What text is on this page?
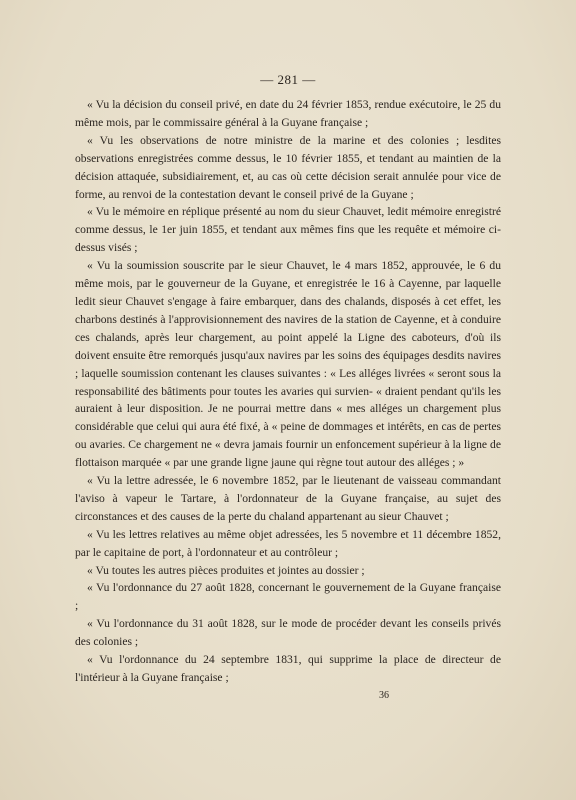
— 281 —

« Vu la décision du conseil privé, en date du 24 février 1853, rendue exécutoire, le 25 du même mois, par le commissaire général à la Guyane française ;

« Vu les observations de notre ministre de la marine et des colonies ; lesdites observations enregistrées comme dessus, le 10 février 1855, et tendant au maintien de la décision attaquée, subsidiairement, et, au cas où cette décision serait annulée pour vice de forme, au renvoi de la contestation devant le conseil privé de la Guyane ;

« Vu le mémoire en réplique présenté au nom du sieur Chauvet, ledit mémoire enregistré comme dessus, le 1er juin 1855, et tendant aux mêmes fins que les requête et mémoire ci-dessus visés ;

« Vu la soumission souscrite par le sieur Chauvet, le 4 mars 1852, approuvée, le 6 du même mois, par le gouverneur de la Guyane, et enregistrée le 16 à Cayenne, par laquelle ledit sieur Chauvet s'engage à faire embarquer, dans des chalands, disposés à cet effet, les charbons destinés à l'approvisionnement des navires de la station de Cayenne, et à conduire ces chalands, après leur chargement, au point appelé la Ligne des caboteurs, d'où ils doivent ensuite être remorqués jusqu'aux navires par les soins des équipages desdits navires ; laquelle soumission contenant les clauses suivantes : « Les alléges livrées « seront sous la responsabilité des bâtiments pour toutes les avaries qui survien- « draient pendant qu'ils les auraient à leur disposition. Je ne pourrai mettre dans « mes alléges un chargement plus considérable que celui qui aura été fixé, à « peine de dommages et intérêts, en cas de pertes ou avaries. Ce chargement ne « devra jamais fournir un enfoncement supérieur à la ligne de flottaison marquée « par une grande ligne jaune qui règne tout autour des alléges ; »

« Vu la lettre adressée, le 6 novembre 1852, par le lieutenant de vaisseau commandant l'aviso à vapeur le Tartare, à l'ordonnateur de la Guyane française, au sujet des circonstances et des causes de la perte du chaland appartenant au sieur Chauvet ;

« Vu les lettres relatives au même objet adressées, les 5 novembre et 11 décembre 1852, par le capitaine de port, à l'ordonnateur et au contrôleur ;

« Vu toutes les autres pièces produites et jointes au dossier ;

« Vu l'ordonnance du 27 août 1828, concernant le gouvernement de la Guyane française ;

« Vu l'ordonnance du 31 août 1828, sur le mode de procéder devant les conseils privés des colonies ;

« Vu l'ordonnance du 24 septembre 1831, qui supprime la place de directeur de l'intérieur à la Guyane française ;

36
